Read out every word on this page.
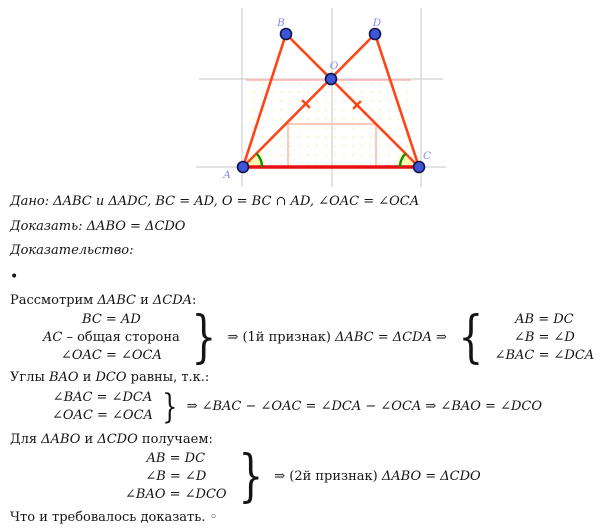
A
B
C
D
O
Дано: ΔABC и ΔADC, BC = AD, O = BC ∩ AD, ∠OAC = ∠OCA
Доказать: ΔABO = ΔCDO
Доказательство:
•
Рассмотрим ΔABC и ΔCDA:
BC = AD
AC – общая сторона
∠OAC = ∠OCA } ⇒ (1й признак) ΔABC = ΔCDA ⇒ { AB = DC
∠B = ∠D
∠BAC = ∠DCA
Углы BAO и DCO равны, т.к.:
∠BAC = ∠DCA
∠OAC = ∠OCA } ⇒ ∠BAC − ∠OAC = ∠DCA − ∠OCA ⇒ ∠BAO = ∠DCO
Для ΔABO и ΔCDO получаем:
AB = DC
∠B = ∠D
∠BAO = ∠DCO } ⇒ (2й признак) ΔABO = ΔCDO
Что и требовалось доказать. ◦
